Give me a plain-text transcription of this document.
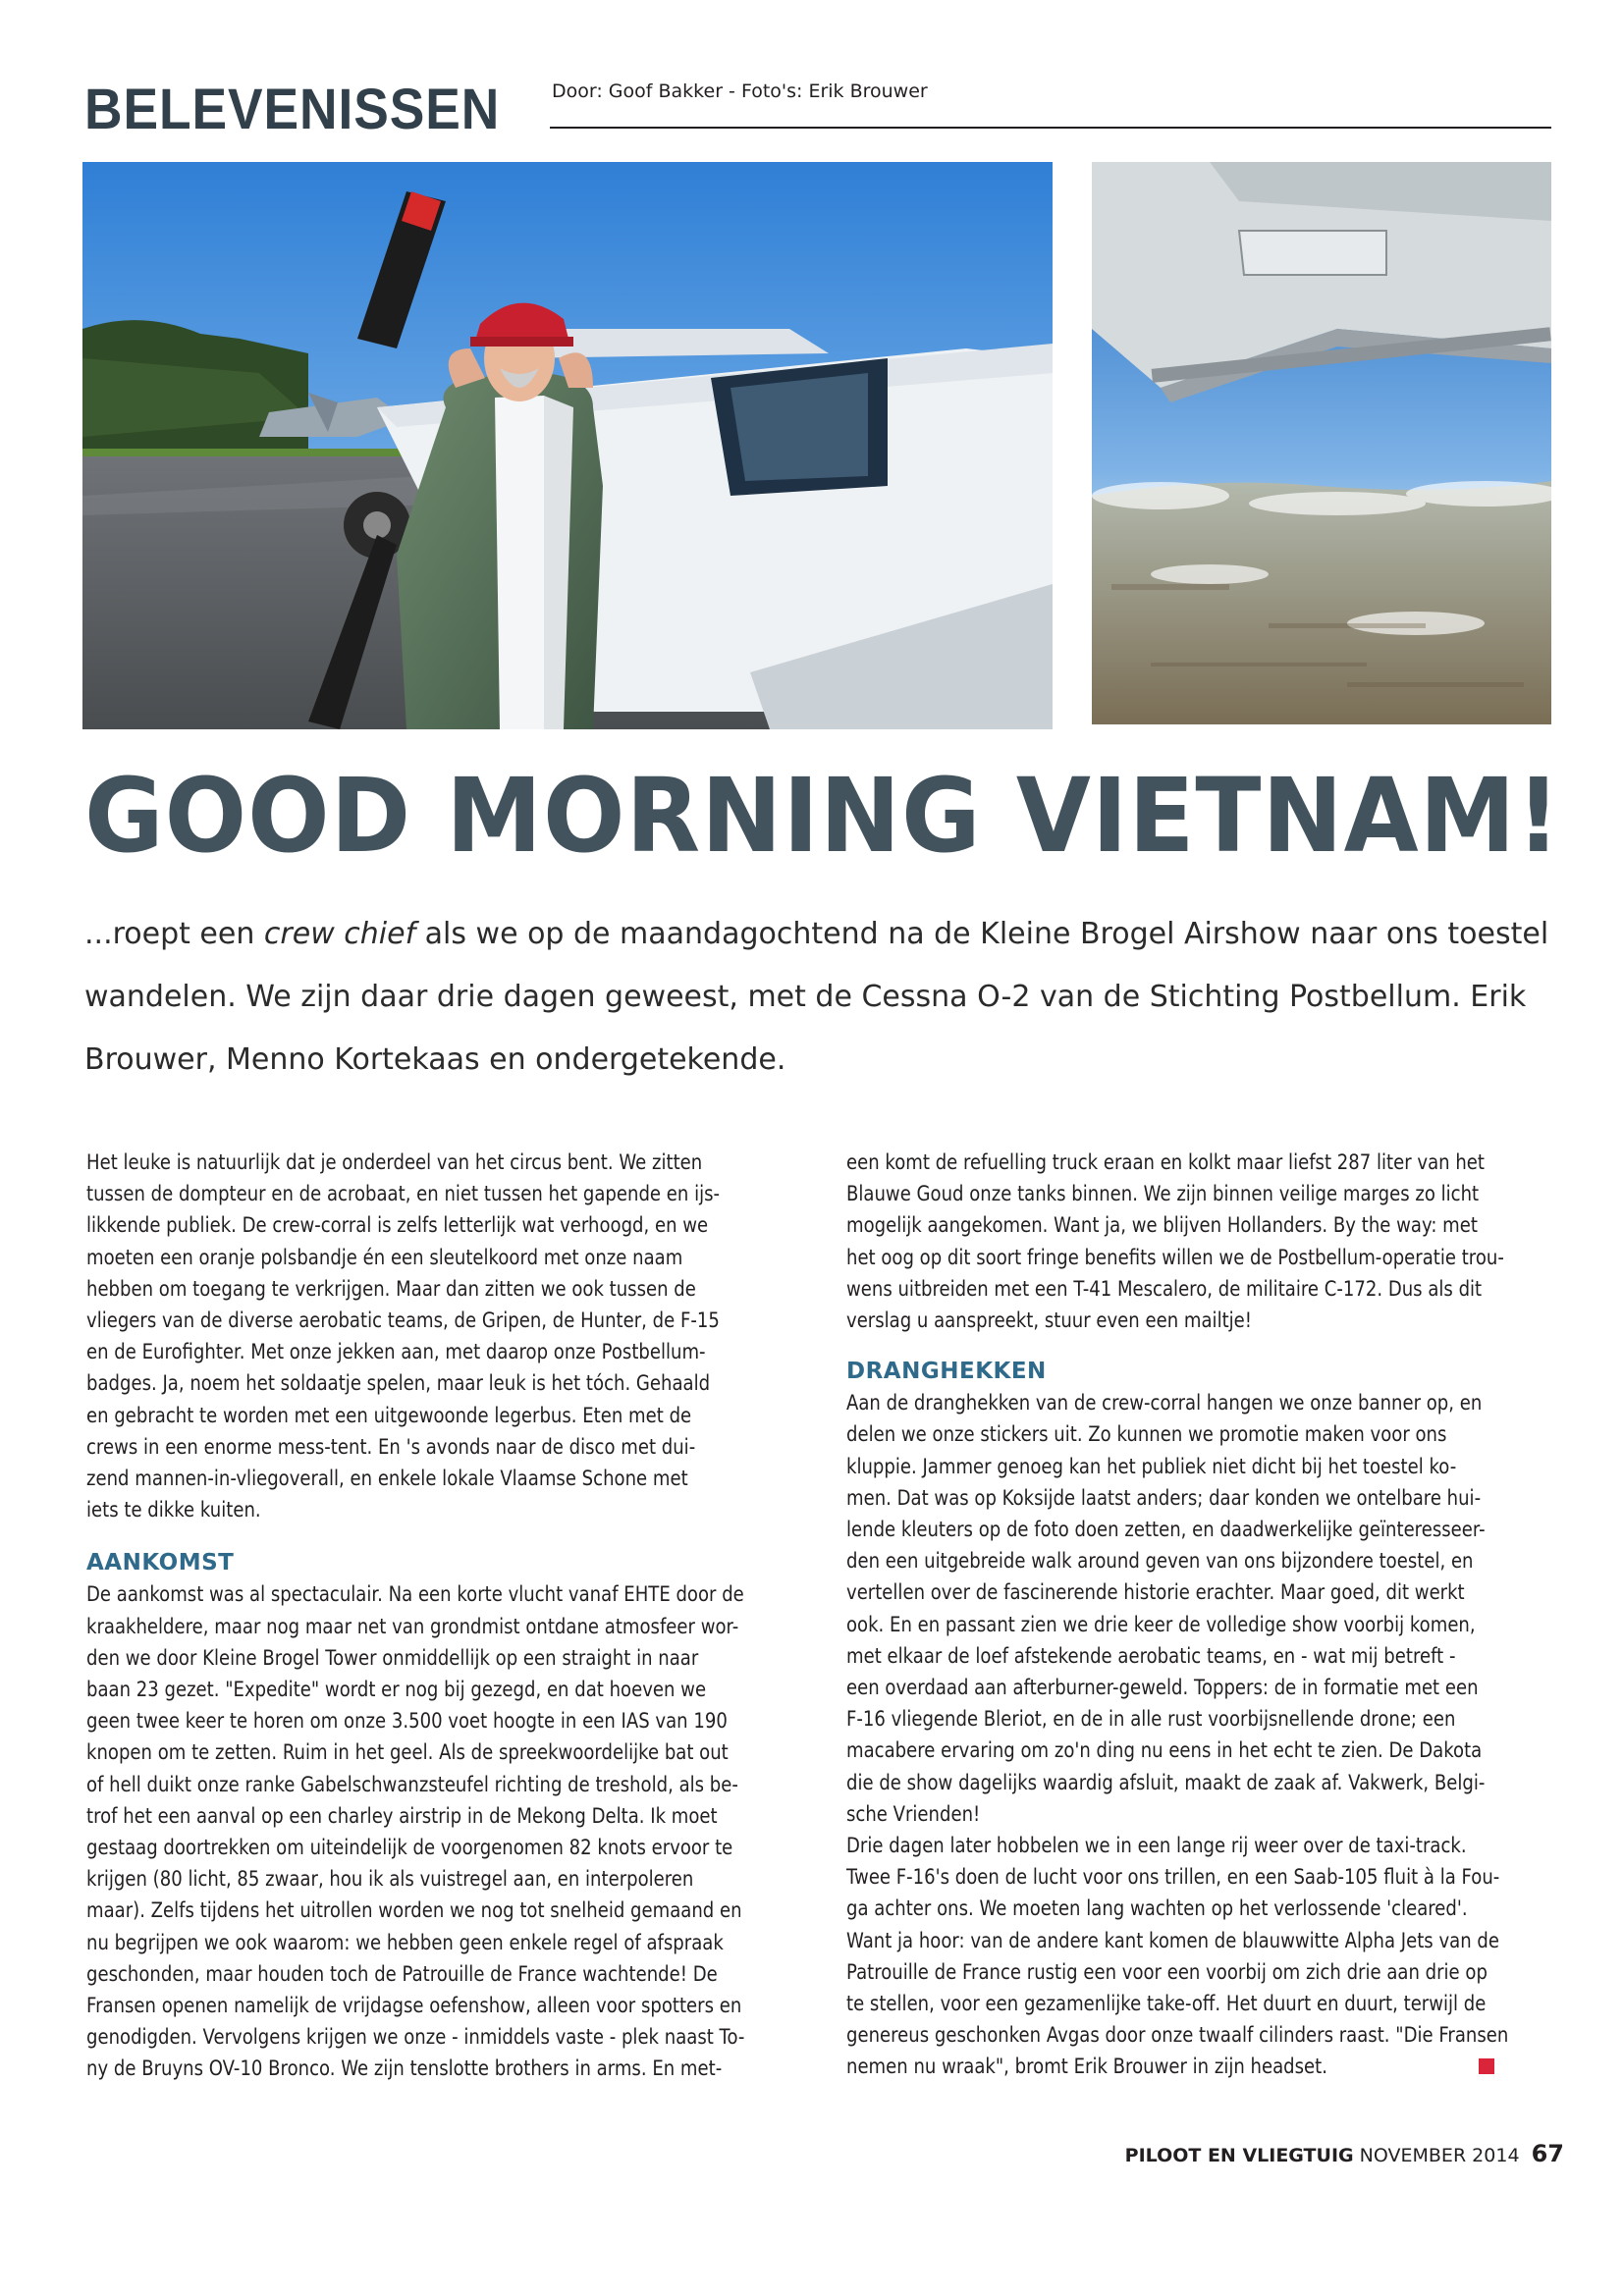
BELEVENISSEN	Door: Goof Bakker - Foto's: Erik Brouwer
GOOD MORNING VIETNAM!
...roept een crew chief als we op de maandagochtend na de Kleine Brogel Airshow naar ons toestel
wandelen. We zijn daar drie dagen geweest, met de Cessna O-2 van de Stichting Postbellum. Erik
Brouwer, Menno Kortekaas en ondergetekende.
Het leuke is natuurlijk dat je onderdeel van het circus bent. We zitten
tussen de dompteur en de acrobaat, en niet tussen het gapende en ijs-
likkende publiek. De crew-corral is zelfs letterlijk wat verhoogd, en we
moeten een oranje polsbandje én een sleutelkoord met onze naam
hebben om toegang te verkrijgen. Maar dan zitten we ook tussen de
vliegers van de diverse aerobatic teams, de Gripen, de Hunter, de F-15
en de Eurofighter. Met onze jekken aan, met daarop onze Postbellum-
badges. Ja, noem het soldaatje spelen, maar leuk is het tóch. Gehaald
en gebracht te worden met een uitgewoonde legerbus. Eten met de
crews in een enorme mess-tent. En 's avonds naar de disco met dui-
zend mannen-in-vliegoverall, en enkele lokale Vlaamse Schone met
iets te dikke kuiten.
AANKOMST
De aankomst was al spectaculair. Na een korte vlucht vanaf EHTE door de
kraakheldere, maar nog maar net van grondmist ontdane atmosfeer wor-
den we door Kleine Brogel Tower onmiddellijk op een straight in naar
baan 23 gezet. "Expedite" wordt er nog bij gezegd, en dat hoeven we
geen twee keer te horen om onze 3.500 voet hoogte in een IAS van 190
knopen om te zetten. Ruim in het geel. Als de spreekwoordelijke bat out
of hell duikt onze ranke Gabelschwanzsteufel richting de treshold, als be-
trof het een aanval op een charley airstrip in de Mekong Delta. Ik moet
gestaag doortrekken om uiteindelijk de voorgenomen 82 knots ervoor te
krijgen (80 licht, 85 zwaar, hou ik als vuistregel aan, en interpoleren
maar). Zelfs tijdens het uitrollen worden we nog tot snelheid gemaand en
nu begrijpen we ook waarom: we hebben geen enkele regel of afspraak
geschonden, maar houden toch de Patrouille de France wachtende! De
Fransen openen namelijk de vrijdagse oefenshow, alleen voor spotters en
genodigden. Vervolgens krijgen we onze - inmiddels vaste - plek naast To-
ny de Bruyns OV-10 Bronco. We zijn tenslotte brothers in arms. En met-
een komt de refuelling truck eraan en kolkt maar liefst 287 liter van het
Blauwe Goud onze tanks binnen. We zijn binnen veilige marges zo licht
mogelijk aangekomen. Want ja, we blijven Hollanders. By the way: met
het oog op dit soort fringe benefits willen we de Postbellum-operatie trou-
wens uitbreiden met een T-41 Mescalero, de militaire C-172. Dus als dit
verslag u aanspreekt, stuur even een mailtje!
DRANGHEKKEN
Aan de dranghekken van de crew-corral hangen we onze banner op, en
delen we onze stickers uit. Zo kunnen we promotie maken voor ons
kluppie. Jammer genoeg kan het publiek niet dicht bij het toestel ko-
men. Dat was op Koksijde laatst anders; daar konden we ontelbare hui-
lende kleuters op de foto doen zetten, en daadwerkelijke geïnteresseer-
den een uitgebreide walk around geven van ons bijzondere toestel, en
vertellen over de fascinerende historie erachter. Maar goed, dit werkt
ook. En en passant zien we drie keer de volledige show voorbij komen,
met elkaar de loef afstekende aerobatic teams, en - wat mij betreft -
een overdaad aan afterburner-geweld. Toppers: de in formatie met een
F-16 vliegende Bleriot, en de in alle rust voorbijsnellende drone; een
macabere ervaring om zo'n ding nu eens in het echt te zien. De Dakota
die de show dagelijks waardig afsluit, maakt de zaak af. Vakwerk, Belgi-
sche Vrienden!
Drie dagen later hobbelen we in een lange rij weer over de taxi-track.
Twee F-16's doen de lucht voor ons trillen, en een Saab-105 fluit à la Fou-
ga achter ons. We moeten lang wachten op het verlossende 'cleared'.
Want ja hoor: van de andere kant komen de blauwwitte Alpha Jets van de
Patrouille de France rustig een voor een voorbij om zich drie aan drie op
te stellen, voor een gezamenlijke take-off. Het duurt en duurt, terwijl de
genereus geschonken Avgas door onze twaalf cilinders raast. "Die Fransen
nemen nu wraak", bromt Erik Brouwer in zijn headset.
PILOOT EN VLIEGTUIG NOVEMBER 2014 67
